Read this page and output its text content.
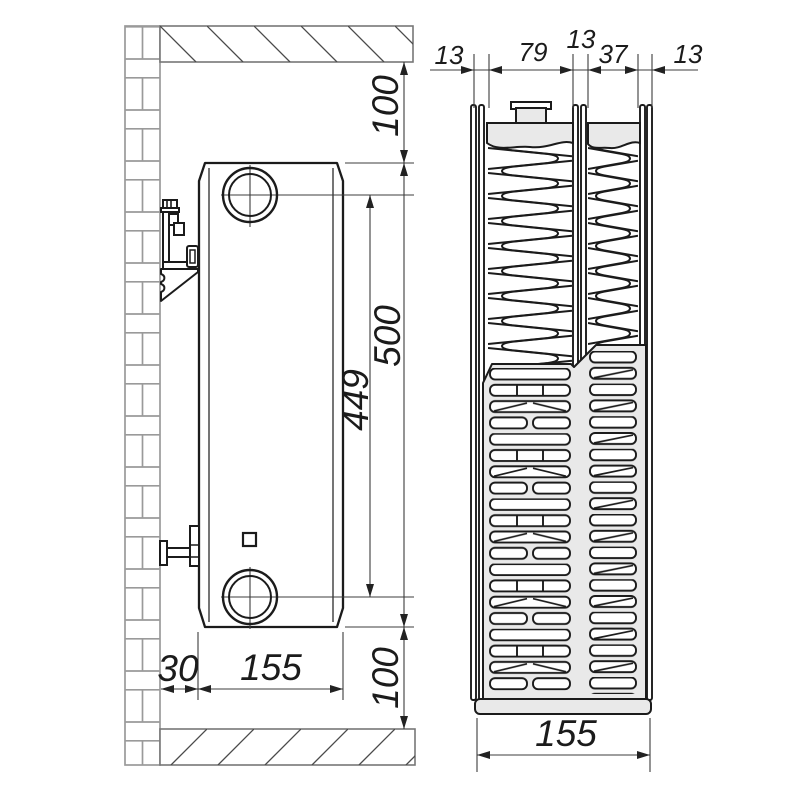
100
500
449
100
30 155
13 79 13 37 13
155
